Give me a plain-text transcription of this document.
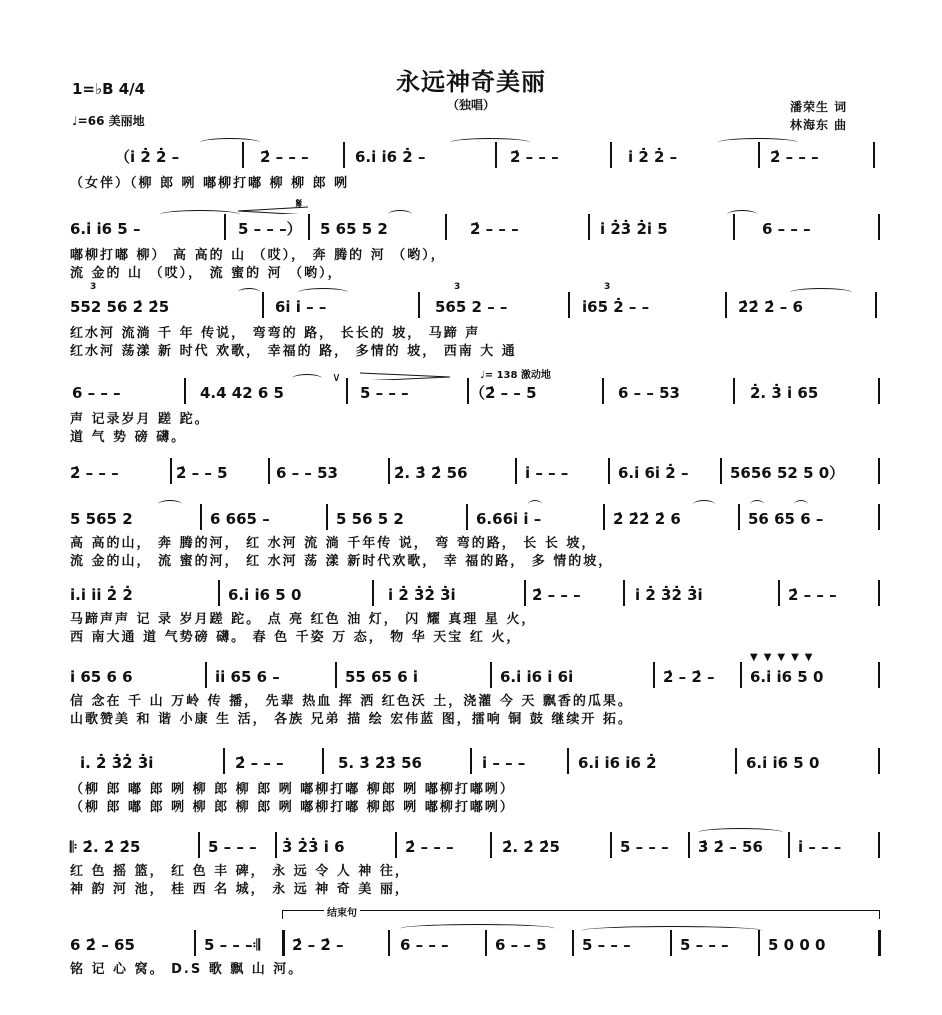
永远神奇美丽
（独唱）
1=♭B 4/4
♩=66 美丽地
潘荣生 词
林海东 曲
（i̇ 2̇ 2̇ –	2̇ – – –	6.i̇ i̇6 2̇ –	2̇ – – –	i̇ 2̇ 2̇ –	2̇ – – –
（女伴）（柳 郎 咧 嘟柳打嘟 柳 柳 郎 咧
6.i̇ i̇6 5 –	5 – – –） 5 65 5 2	2̇ – – –	i̇ 2̇3̇ 2̇i̇ 5	6 – – –
𝄋
嘟柳打嘟 柳） 高 高的 山 （哎）， 奔 腾的 河 （哟），
流 金的 山 （哎）， 流 蜜的 河 （哟），
552 56 2̇ 2̇5	6i̇ i̇ – –	565 2 – –	i̇65 2̇ – –	2̇2̇ 2̇ – 6
3	3	3
红水河 流淌 千 年 传说， 弯弯的 路， 长长的 坡， 马蹄 声
红水河 荡漾 新 时代 欢歌， 幸福的 路， 多情的 坡， 西南 大 通
6 – – –	4.4 42 6 5	5 – – –	（2̇ – – 5	6 – – 53	2̇. 3̇ i̇ 65
∨	♩= 138 激动地
声 记录岁月 蹉 跎。
道 气 势 磅 礴。
2̇ – – –	2̇ – – 5	6 – – 53	2̇. 3̇ 2̇ 56	i̇ – – –	6.i̇ 6i̇ 2̇ –	5656 52 5 0）
5 565 2	6 665 –	5 56 5 2	6.66i̇ i̇ –	2̇ 2̇2̇ 2̇ 6	56 65 6 –
高 高的山， 奔 腾的河， 红 水河 流 淌 千年传 说， 弯 弯的路， 长 长 坡，
流 金的山， 流 蜜的河， 红 水河 荡 漾 新时代欢歌， 幸 福的路， 多 情的坡，
i̇.i̇ i̇i̇ 2̇ 2̇	6.i̇ i̇6 5 0	i̇ 2̇ 3̇2̇ 3̇i̇	2̇ – – –	i̇ 2̇ 3̇2̇ 3̇i̇	2̇ – – –
马蹄声声 记 录 岁月蹉 跎。 点 亮 红色 油 灯， 闪 耀 真理 星 火，
西 南大通 道 气势磅 礴。 春 色 千姿 万 态， 物 华 天宝 红 火，
i̇ 65 6 6	i̇i̇ 65 6 –	55 65 6 i̇	6.i̇ i̇6 i̇ 6i̇	2̇ – 2̇ – 6.i̇ i̇6 5 0
▼▼▼▼▼
信 念在 千 山 万岭 传 播， 先辈 热血 挥 洒 红色沃 土，浇灌 今 天 飘香的瓜果。
山歌赞美 和 谐 小康 生 活， 各族 兄弟 描 绘 宏伟蓝 图，擂响 铜 鼓 继续开 拓。
i̇. 2̇ 3̇2̇ 3̇i̇	2̇ – – –	5. 3̇ 2̇3̇ 56	i̇ – – –	6.i̇ i̇6 i̇6 2̇	6.i̇ i̇6 5 0
（柳 郎 嘟 郎 咧 柳 郎 柳 郎 咧 嘟柳打嘟 柳郎 咧 嘟柳打嘟咧）
（柳 郎 嘟 郎 咧 柳 郎 柳 郎 咧 嘟柳打嘟 柳郎 咧 嘟柳打嘟咧）
𝄆 2̇. 2̇ 2̇5	5 – – – 3̇ 2̇3̇ i̇ 6	2̇ – – –	2̇. 2̇ 2̇5	5 – – – 3̇ 2̇ – 56 i̇ – – –
红 色 摇 篮， 红 色 丰 碑， 永 远 令 人 神 往，
神 韵 河 池， 桂 西 名 城， 永 远 神 奇 美 丽，
结束句
6 2̇ – 65	5 – – –𝄇 2̇ – 2̇ –	6 – – –	6 – – 5 5 – – –	5 – – –	5 0 0 0
铭 记 心 窝。 D.S 歌 飘 山 河。
